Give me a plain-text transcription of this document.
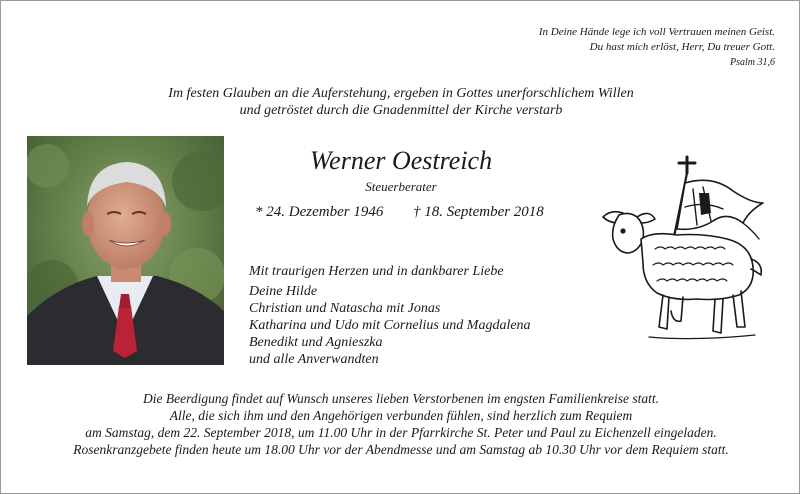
In Deine Hände lege ich voll Vertrauen meinen Geist.
Du hast mich erlöst, Herr, Du treuer Gott.
Psalm 31,6
Im festen Glauben an die Auferstehung, ergeben in Gottes unerforschlichem Willen
und getröstet durch die Gnadenmittel der Kirche verstarb
Werner Oestreich
Steuerberater
* 24. Dezember 1946 † 18. September 2018
Mit traurigen Herzen und in dankbarer Liebe
Deine Hilde
Christian und Natascha mit Jonas
Katharina und Udo mit Cornelius und Magdalena
Benedikt und Agnieszka
und alle Anverwandten
Die Beerdigung findet auf Wunsch unseres lieben Verstorbenen im engsten Familienkreise statt.
Alle, die sich ihm und den Angehörigen verbunden fühlen, sind herzlich zum Requiem
am Samstag, dem 22. September 2018, um 11.00 Uhr in der Pfarrkirche St. Peter und Paul zu Eichenzell eingeladen.
Rosenkranzgebete finden heute um 18.00 Uhr vor der Abendmesse und am Samstag ab 10.30 Uhr vor dem Requiem statt.
